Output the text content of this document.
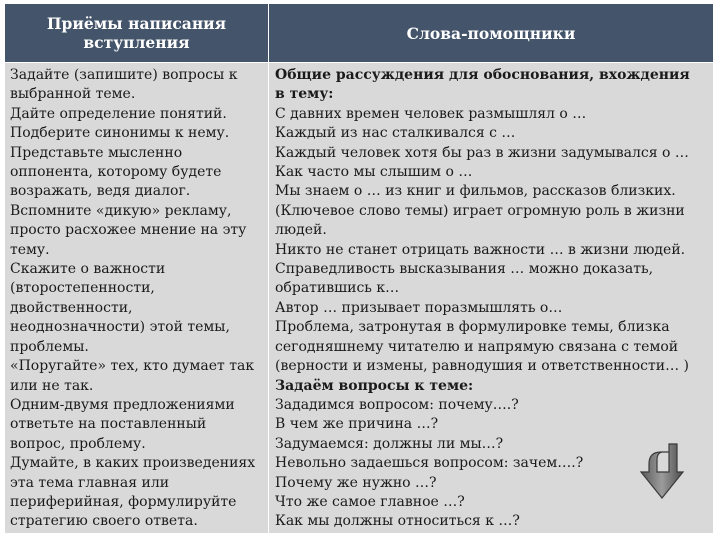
Приёмы написания
вступления	Слова-помощники
Задайте (запишите) вопросы к
выбранной теме.
Дайте определение понятий.
Подберите синонимы к нему.
Представьте мысленно
оппонента, которому будете
возражать, ведя диалог.
Вспомните «дикую» рекламу,
просто расхожее мнение на эту
тему.
Скажите о важности
(второстепенности,
двойственности,
неоднозначности) этой темы,
проблемы.
«Поругайте» тех, кто думает так
или не так.
Одним-двумя предложениями
ответьте на поставленный
вопрос, проблему.
Думайте, в каких произведениях
эта тема главная или
периферийная, формулируйте
стратегию своего ответа.
Общие рассуждения для обоснования, вхождения
в тему:
С давних времен человек размышлял о …
Каждый из нас сталкивался с …
Каждый человек хотя бы раз в жизни задумывался о …
Как часто мы слышим о …
Мы знаем о … из книг и фильмов, рассказов близких.
(Ключевое слово темы) играет огромную роль в жизни
людей.
Никто не станет отрицать важности … в жизни людей.
Справедливость высказывания … можно доказать,
обратившись к…
Автор … призывает поразмышлять о…
Проблема, затронутая в формулировке темы, близка
сегодняшнему читателю и напрямую связана с темой
(верности и измены, равнодушия и ответственности… )
Задаём вопросы к теме:
Зададимся вопросом: почему….?
В чем же причина …?
Задумаемся: должны ли мы…?
Невольно задаешься вопросом: зачем….?
Почему же нужно …?
Что же самое главное …?
Как мы должны относиться к …?
